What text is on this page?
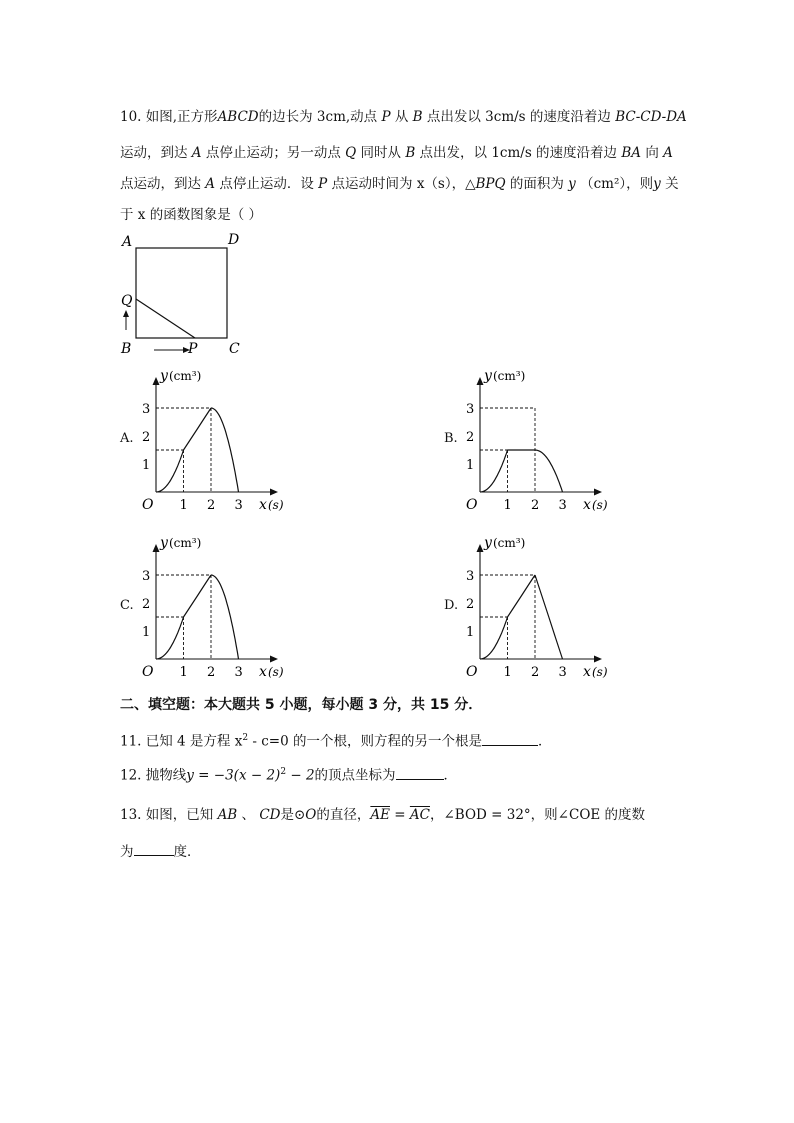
10. 如图,正方形ABCD的边长为 3cm,动点 P 从 B 点出发以 3cm/s 的速度沿着边 BC-CD-DA
运动，到达 A 点停止运动；另一动点 Q 同时从 B 点出发，以 1cm/s 的速度沿着边 BA 向 A
点运动，到达 A 点停止运动．设 P 点运动时间为 x（s），△BPQ 的面积为 y （cm²），则y 关
于 x 的函数图象是（ ）
A	D
Q
B	P C
A.	B.
C.	D.
y (cm³)
O 1 2 3
1
2
3
x (s)
y (cm³)
O 1 2 3
1
2
3
x (s)
y (cm³)
O 1 2 3
1
2
3
x (s)
y (cm³)
O 1 2 3
1
2
3
x (s)
二、填空题：本大题共 5 小题，每小题 3 分，共 15 分．
11. 已知 4 是方程 $x^2 - c=0$ 的一个根，则方程的另一个根是	．
12. 抛物线$y = -3(x - 2)^2 - 2$的顶点坐标为	．
13. 如图，已知 AB 、 CD是⊙O的直径，$\overline{AE} = \overline{AC}$，∠BOD = 32°，则∠COE 的度数
为	度．
